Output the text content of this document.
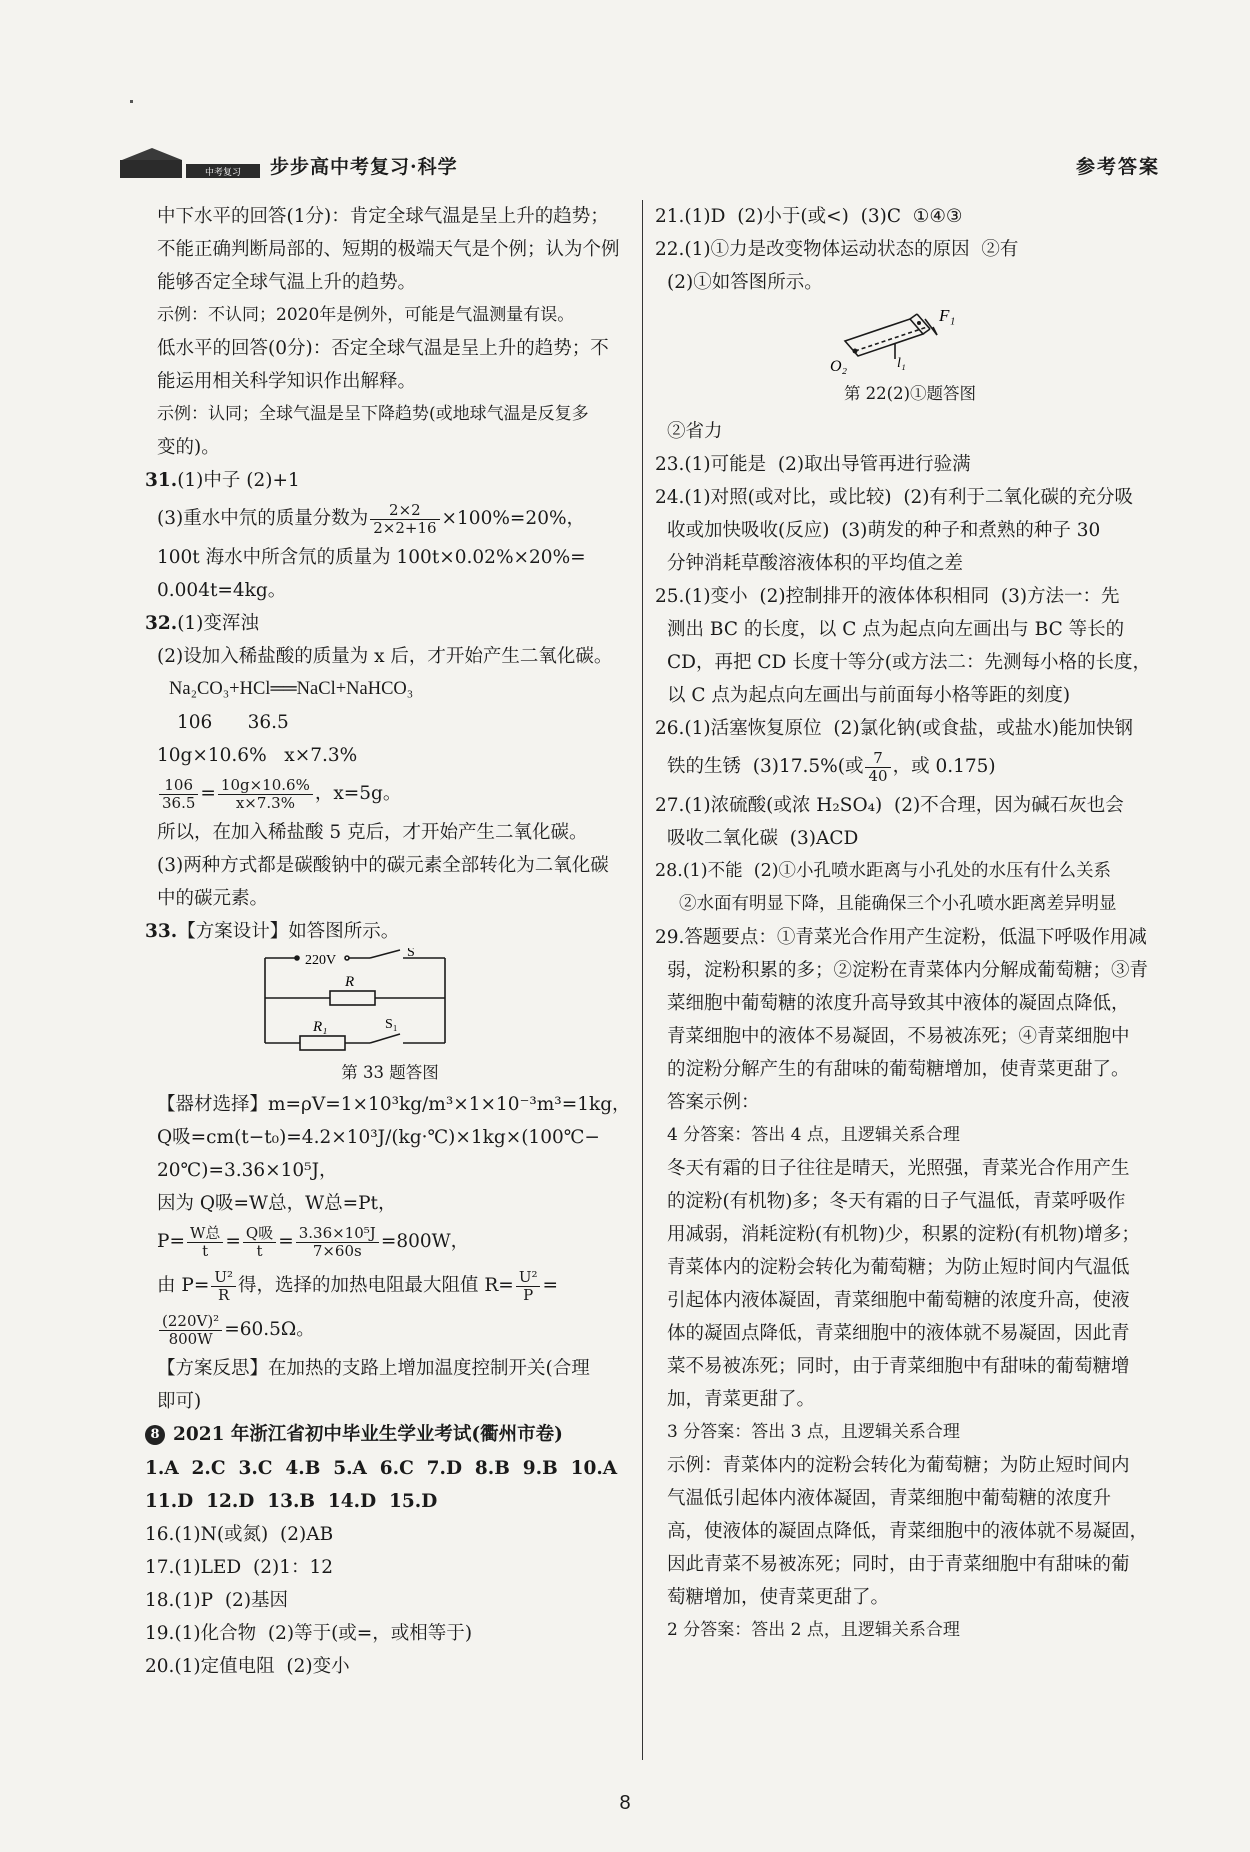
中考复习 步步高中考复习·科学	参考答案
中下水平的回答(1分)：肯定全球气温是呈上升的趋势；
不能正确判断局部的、短期的极端天气是个例；认为个例
能够否定全球气温上升的趋势。
示例：不认同；2020年是例外，可能是气温测量有误。
低水平的回答(0分)：否定全球气温是呈上升的趋势；不
能运用相关科学知识作出解释。
示例：认同；全球气温是呈下降趋势(或地球气温是反复多
变的)。
31.(1)中子 (2)+1
(3)重水中氘的质量分数为 $\frac{2\times 2}{2\times 2+16} \times 100\%=20\%$，
100t 海水中所含氘的质量为 100t×0.02%×20%=
0.004t=4kg。
32.(1)变浑浊
(2)设加入稀盐酸的质量为 x 后，才开始产生二氧化碳。
Na₂CO₃+HCl══NaCl+NaHCO₃
106      36.5
10g×10.6%   x×7.3%
$\frac{106}{36.5} = \frac{10g\times 10.6\%}{x\times 7.3\%}$ ，x=5g。
所以，在加入稀盐酸 5 克后，才开始产生二氧化碳。
(3)两种方式都是碳酸钠中的碳元素全部转化为二氧化碳
中的碳元素。
33.【方案设计】如答图所示。
220V
S
R
R₁	S₁
第 33 题答图
【器材选择】m=ρV=1×10³kg/m³×1×10⁻³m³=1kg，
Q吸=cm(t−t₀)=4.2×10³J/(kg·℃)×1kg×(100℃−
20℃)=3.36×10⁵J，
因为 Q吸=W总，W总=Pt，
$P= \frac{\text{W总}}{t} = \frac{\text{Q吸}}{t} = \frac{\text{3.36×10⁵J}}{7\times 60s} =800W$，
由 $P= \frac{\text{U²}}{R}$ 得，选择的加热电阻最大阻值 $R= \frac{\text{U²}}{P}$ =
$\frac{\text{(220V)²}}{800W} =60.5\Omega$。
【方案反思】在加热的支路上增加温度控制开关(合理
即可)
8 2021 年浙江省初中毕业生学业考试(衢州市卷)
1.A  2.C  3.C  4.B  5.A  6.C  7.D  8.B  9.B  10.A
11.D  12.D  13.B  14.D  15.D
16.(1)N(或氮)  (2)AB
17.(1)LED  (2)1：12
18.(1)P  (2)基因
19.(1)化合物  (2)等于(或=，或相等于)
20.(1)定值电阻  (2)变小
21.(1)D  (2)小于(或<)  (3)C  ①④③
22.(1)①力是改变物体运动状态的原因  ②有
(2)①如答图所示。
F₁
O₂	l₁
第 22(2)①题答图
②省力
23.(1)可能是  (2)取出导管再进行验满
24.(1)对照(或对比，或比较)  (2)有利于二氧化碳的充分吸
收或加快吸收(反应)  (3)萌发的种子和煮熟的种子 30
分钟消耗草酸溶液体积的平均值之差
25.(1)变小  (2)控制排开的液体体积相同  (3)方法一：先
测出 BC 的长度，以 C 点为起点向左画出与 BC 等长的
CD，再把 CD 长度十等分(或方法二：先测每小格的长度，
以 C 点为起点向左画出与前面每小格等距的刻度)
26.(1)活塞恢复原位  (2)氯化钠(或食盐，或盐水)能加快钢
铁的生锈  (3)17.5%(或 $\frac{7}{40}$ ，或 0.175)
27.(1)浓硫酸(或浓 H₂SO₄)  (2)不合理，因为碱石灰也会
吸收二氧化碳  (3)ACD
28.(1)不能  (2)①小孔喷水距离与小孔处的水压有什么关系
②水面有明显下降，且能确保三个小孔喷水距离差异明显
29.答题要点：①青菜光合作用产生淀粉，低温下呼吸作用减
弱，淀粉积累的多；②淀粉在青菜体内分解成葡萄糖；③青
菜细胞中葡萄糖的浓度升高导致其中液体的凝固点降低，
青菜细胞中的液体不易凝固，不易被冻死；④青菜细胞中
的淀粉分解产生的有甜味的葡萄糖增加，使青菜更甜了。
答案示例：
4 分答案：答出 4 点，且逻辑关系合理
冬天有霜的日子往往是晴天，光照强，青菜光合作用产生
的淀粉(有机物)多；冬天有霜的日子气温低，青菜呼吸作
用减弱，消耗淀粉(有机物)少，积累的淀粉(有机物)增多；
青菜体内的淀粉会转化为葡萄糖；为防止短时间内气温低
引起体内液体凝固，青菜细胞中葡萄糖的浓度升高，使液
体的凝固点降低，青菜细胞中的液体就不易凝固，因此青
菜不易被冻死；同时，由于青菜细胞中有甜味的葡萄糖增
加，青菜更甜了。
3 分答案：答出 3 点，且逻辑关系合理
示例：青菜体内的淀粉会转化为葡萄糖；为防止短时间内
气温低引起体内液体凝固，青菜细胞中葡萄糖的浓度升
高，使液体的凝固点降低，青菜细胞中的液体就不易凝固，
因此青菜不易被冻死；同时，由于青菜细胞中有甜味的葡
萄糖增加，使青菜更甜了。
2 分答案：答出 2 点，且逻辑关系合理
8
